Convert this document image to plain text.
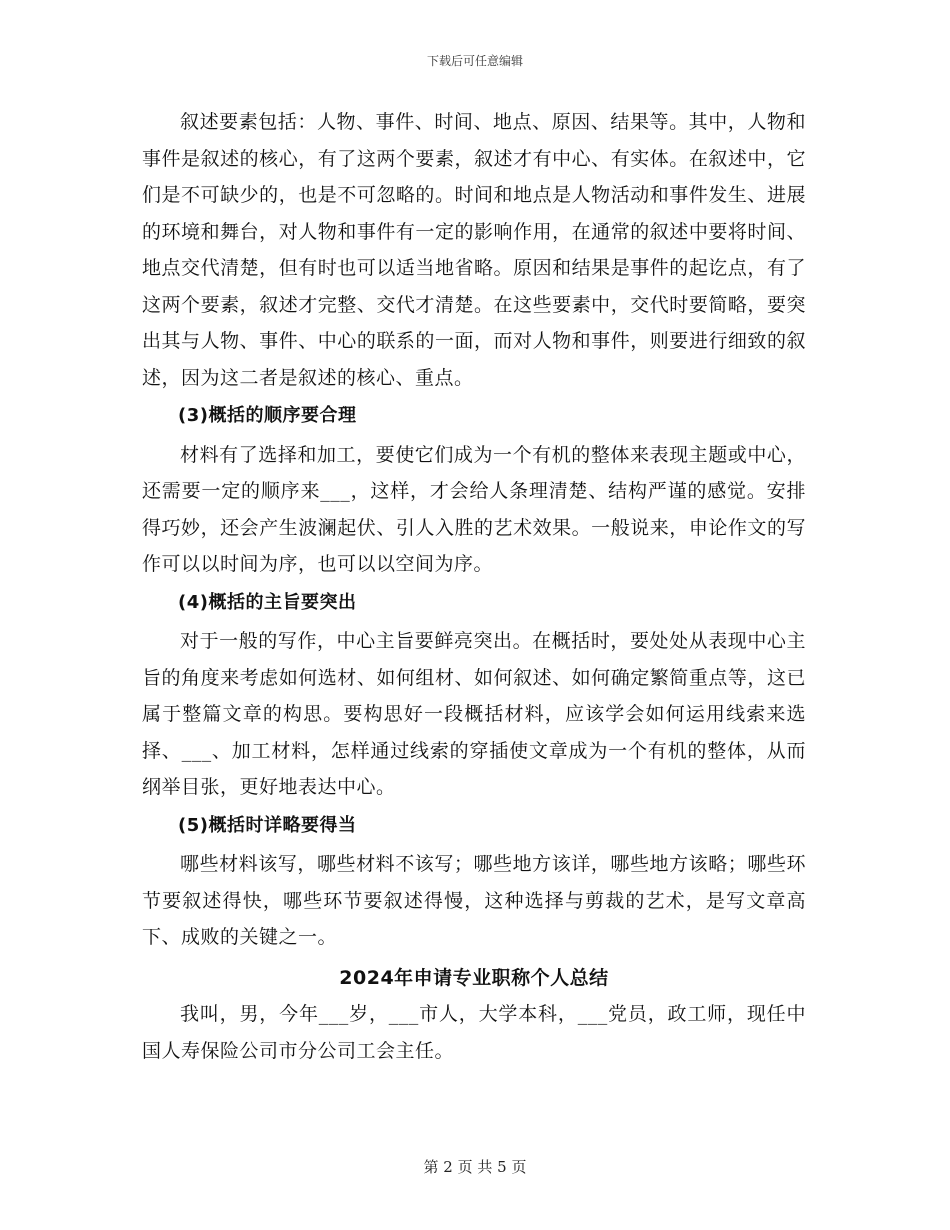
下载后可任意编辑

叙述要素包括：人物、事件、时间、地点、原因、结果等。其中，人物和事件是叙述的核心，有了这两个要素，叙述才有中心、有实体。在叙述中，它们是不可缺少的，也是不可忽略的。时间和地点是人物活动和事件发生、进展的环境和舞台，对人物和事件有一定的影响作用，在通常的叙述中要将时间、地点交代清楚，但有时也可以适当地省略。原因和结果是事件的起讫点，有了这两个要素，叙述才完整、交代才清楚。在这些要素中，交代时要简略，要突出其与人物、事件、中心的联系的一面，而对人物和事件，则要进行细致的叙述，因为这二者是叙述的核心、重点。

(3)概括的顺序要合理

材料有了选择和加工，要使它们成为一个有机的整体来表现主题或中心，还需要一定的顺序来___，这样，才会给人条理清楚、结构严谨的感觉。安排得巧妙，还会产生波澜起伏、引人入胜的艺术效果。一般说来，申论作文的写作可以以时间为序，也可以以空间为序。

(4)概括的主旨要突出

对于一般的写作，中心主旨要鲜亮突出。在概括时，要处处从表现中心主旨的角度来考虑如何选材、如何组材、如何叙述、如何确定繁简重点等，这已属于整篇文章的构思。要构思好一段概括材料，应该学会如何运用线索来选择、___、加工材料，怎样通过线索的穿插使文章成为一个有机的整体，从而纲举目张，更好地表达中心。

(5)概括时详略要得当

哪些材料该写，哪些材料不该写；哪些地方该详，哪些地方该略；哪些环节要叙述得快，哪些环节要叙述得慢，这种选择与剪裁的艺术，是写文章高下、成败的关键之一。

2024年申请专业职称个人总结

我叫，男，今年___岁，___市人，大学本科，___党员，政工师，现任中国人寿保险公司市分公司工会主任。

第 2 页 共 5 页
